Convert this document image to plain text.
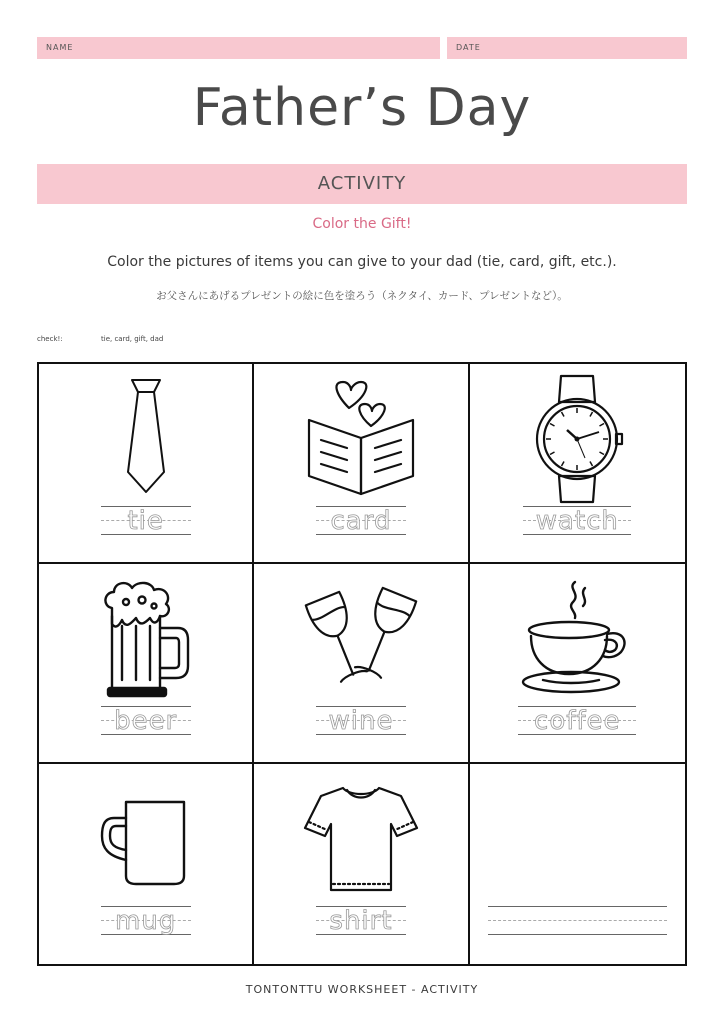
NAME	DATE
Father’s Day
ACTIVITY
Color the Gift!
Color the pictures of items you can give to your dad (tie, card, gift, etc.).
お父さんにあげるプレゼントの絵に色を塗ろう（ネクタイ、カード、プレゼントなど）。
check!:	tie, card, gift, dad
tie	card	watch
beer	wine	coffee
mug	shirt
TONTONTTU WORKSHEET - ACTIVITY
